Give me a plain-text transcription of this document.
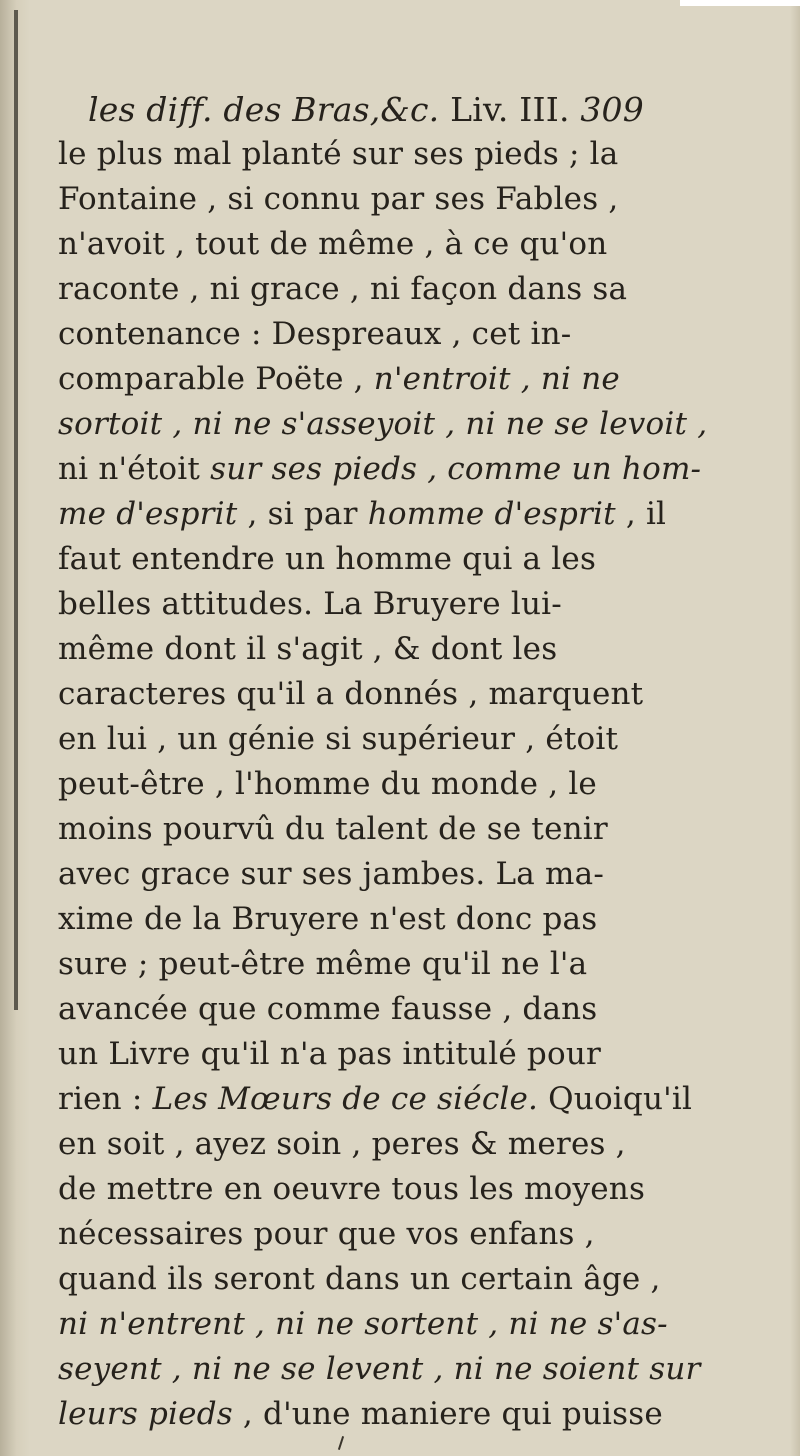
les diff. des Bras,&c. Liv. III. 309
le plus mal planté sur ses pieds ; la
Fontaine , si connu par ses Fables ,
n'avoit , tout de même , à ce qu'on
raconte , ni grace , ni façon dans sa
contenance : Despreaux , cet in-
comparable Poëte , n'entroit , ni ne
sortoit , ni ne s'asseyoit , ni ne se levoit ,
ni n'étoit sur ses pieds , comme un hom-
me d'esprit , si par homme d'esprit , il
faut entendre un homme qui a les
belles attitudes. La Bruyere lui-
même dont il s'agit , & dont les
caracteres qu'il a donnés , marquent
en lui , un génie si supérieur , étoit
peut-être , l'homme du monde , le
moins pourvû du talent de se tenir
avec grace sur ses jambes. La ma-
xime de la Bruyere n'est donc pas
sure ; peut-être même qu'il ne l'a
avancée que comme fausse , dans
un Livre qu'il n'a pas intitulé pour
rien : Les Mœurs de ce siécle. Quoiqu'il
en soit , ayez soin , peres & meres ,
de mettre en oeuvre tous les moyens
nécessaires pour que vos enfans ,
quand ils seront dans un certain âge ,
ni n'entrent , ni ne sortent , ni ne s'as-
seyent , ni ne se levent , ni ne soient sur
leurs pieds , d'une maniere qui puisse
